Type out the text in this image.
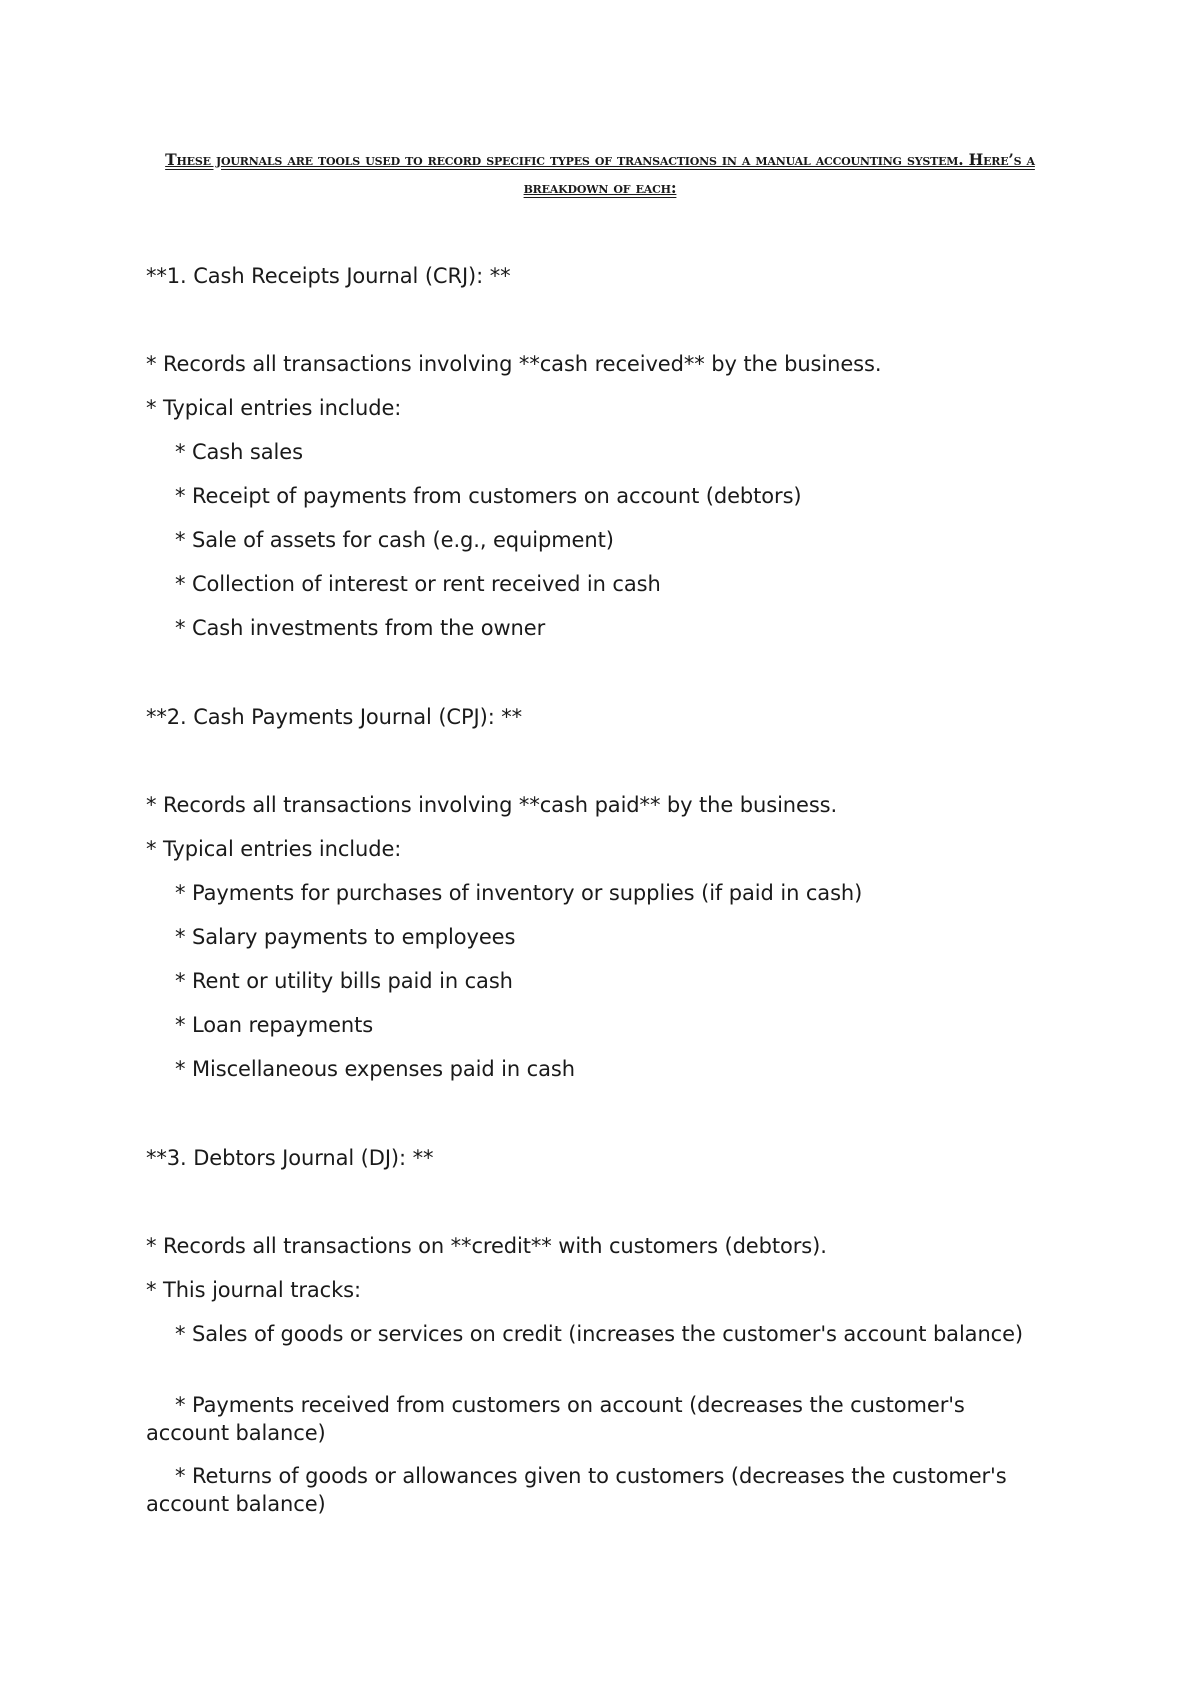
These journals are tools used to record specific types of transactions in a manual accounting system. Here’s a breakdown of each:
**1. Cash Receipts Journal (CRJ): **
* Records all transactions involving **cash received** by the business.
* Typical entries include:
* Cash sales
* Receipt of payments from customers on account (debtors)
* Sale of assets for cash (e.g., equipment)
* Collection of interest or rent received in cash
* Cash investments from the owner
**2. Cash Payments Journal (CPJ): **
* Records all transactions involving **cash paid** by the business.
* Typical entries include:
* Payments for purchases of inventory or supplies (if paid in cash)
* Salary payments to employees
* Rent or utility bills paid in cash
* Loan repayments
* Miscellaneous expenses paid in cash
**3. Debtors Journal (DJ): **
* Records all transactions on **credit** with customers (debtors).
* This journal tracks:
* Sales of goods or services on credit (increases the customer's account balance)
* Payments received from customers on account (decreases the customer's account balance)
* Returns of goods or allowances given to customers (decreases the customer's account balance)
